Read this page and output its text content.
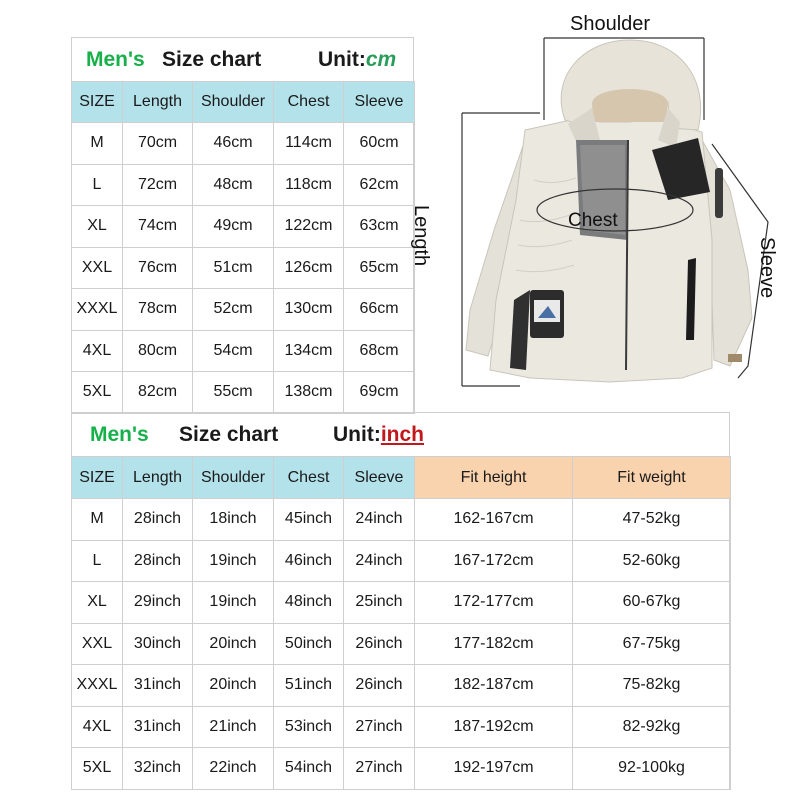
Men's Size chart	Unit:cm
SIZE	Length	Shoulder	Chest	Sleeve
M	70cm	46cm	114cm	60cm
L	72cm	48cm	118cm	62cm
XL	74cm	49cm	122cm	63cm
XXL	76cm	51cm	126cm	65cm
XXXL	78cm	52cm	130cm	66cm
4XL	80cm	54cm	134cm	68cm
5XL	82cm	55cm	138cm	69cm
Shoulder
Chest
Length
Sleeve
Men's	Size chart	Unit:inch
SIZE	Length	Shoulder	Chest	Sleeve	Fit height	Fit weight
M	28inch	18inch	45inch	24inch	162-167cm	47-52kg
L	28inch	19inch	46inch	24inch	167-172cm	52-60kg
XL	29inch	19inch	48inch	25inch	172-177cm	60-67kg
XXL	30inch	20inch	50inch	26inch	177-182cm	67-75kg
XXXL	31inch	20inch	51inch	26inch	182-187cm	75-82kg
4XL	31inch	21inch	53inch	27inch	187-192cm	82-92kg
5XL	32inch	22inch	54inch	27inch	192-197cm	92-100kg
